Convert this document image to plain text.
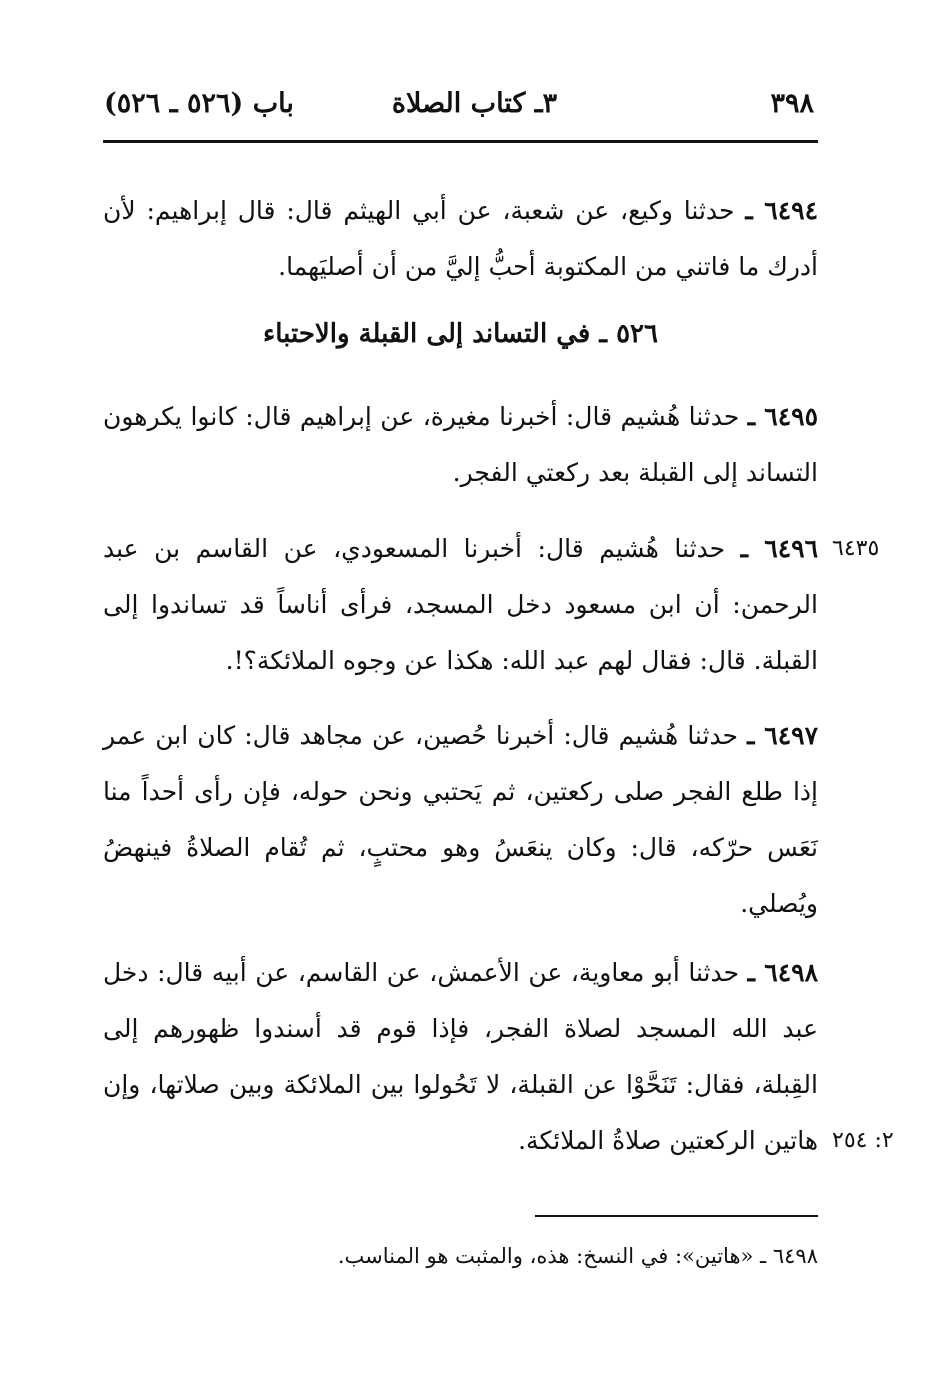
٣٩٨
٣ـ كتاب الصلاة
باب (٥٢٦ ـ ٥٢٦)
٦٤٩٤ ـ حدثنا وكيع، عن شعبة، عن أبي الهيثم قال: قال إبراهيم: لأن أدرك ما فاتني من المكتوبة أحبُّ إليَّ من أن أصليَهما.
٥٢٦ ـ في التساند إلى القبلة والاحتباء
٦٤٩٥ ـ حدثنا هُشيم قال: أخبرنا مغيرة، عن إبراهيم قال: كانوا يكرهون التساند إلى القبلة بعد ركعتي الفجر.
٦٤٣٥
٦٤٩٦ ـ حدثنا هُشيم قال: أخبرنا المسعودي، عن القاسم بن عبد الرحمن: أن ابن مسعود دخل المسجد، فرأى أناساً قد تساندوا إلى القبلة. قال: فقال لهم عبد الله: هكذا عن وجوه الملائكة؟!.
٦٤٩٧ ـ حدثنا هُشيم قال: أخبرنا حُصين، عن مجاهد قال: كان ابن عمر إذا طلع الفجر صلى ركعتين، ثم يَحتبي ونحن حوله، فإن رأى أحداً منا نَعَس حرّكه، قال: وكان ينعَسُ وهو محتبٍ، ثم تُقام الصلاةُ فينهضُ ويُصلي.
٢: ٢٥٤
٦٤٩٨ ـ حدثنا أبو معاوية، عن الأعمش، عن القاسم، عن أبيه قال: دخل عبد الله المسجد لصلاة الفجر، فإذا قوم قد أسندوا ظهورهم إلى القِبلة، فقال: تَنَحَّوْا عن القبلة، لا تَحُولوا بين الملائكة وبين صلاتها، وإن هاتين الركعتين صلاةُ الملائكة.
٦٤٩٨ ـ «هاتين»: في النسخ: هذه، والمثبت هو المناسب.
